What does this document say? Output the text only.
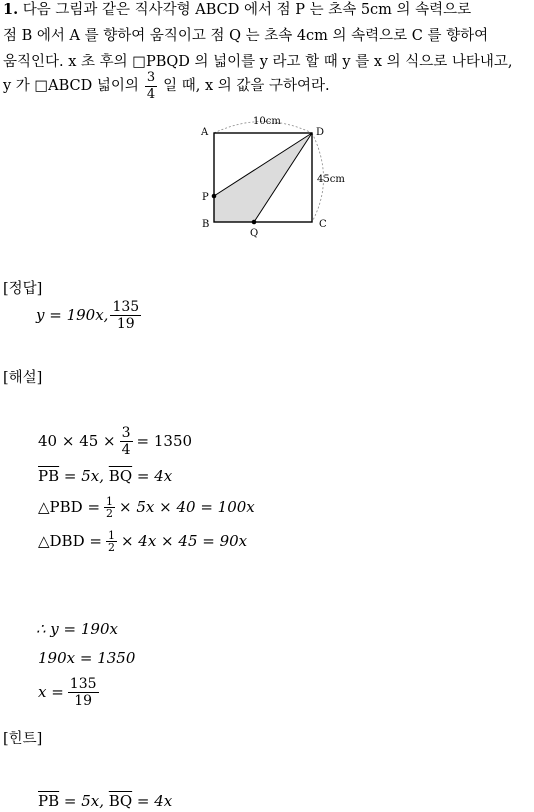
1. 다음 그림과 같은 직사각형 ABCD 에서 점 P 는 초속 5cm 의 속력으로
점 B 에서 A 를 향하여 움직이고 점 Q 는 초속 4cm 의 속력으로 C 를 향하여
움직인다. x 초 후의 □PBQD 의 넓이를 y 라고 할 때 y 를 x 의 식으로 나타내고,
y 가 □ABCD 넓이의 $\frac{3}{4}$ 일 때, x 의 값을 구하여라.
A	D
P
B	C
Q
10cm
45cm
[정답]
y = 190x, $\frac{135}{19}$
[해설]
$40 \times 45 \times \frac{3}{4} = 1350$
$\overline{PB} = 5x$, $\overline{BQ} = 4x$
△PBD = $\frac{1}{2} \times 5x \times 40 = 100x$
△DBD = $\frac{1}{2} \times 4x \times 45 = 90x$
∴ y = 190x
190x = 1350
$x = \frac{135}{19}$
[힌트]
$\overline{PB} = 5x$, $\overline{BQ} = 4x$
